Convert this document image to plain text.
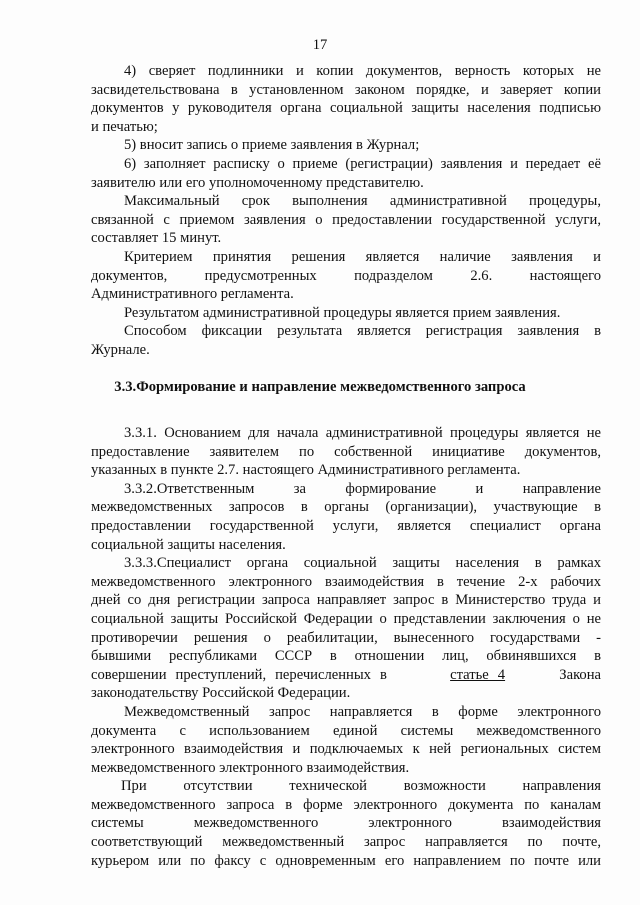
17
4) сверяет подлинники и копии документов, верность которых не
засвидетельствована в установленном законом порядке, и заверяет копии
документов у руководителя органа социальной защиты населения подписью
и печатью;
5) вносит запись о приеме заявления в Журнал;
6) заполняет расписку о приеме (регистрации) заявления и передает её
заявителю или его уполномоченному представителю.
Максимальный срок выполнения административной процедуры,
связанной с приемом заявления о предоставлении государственной услуги,
составляет 15 минут.
Критерием принятия решения является наличие заявления и
документов, предусмотренных подразделом 2.6. настоящего
Административного регламента.
Результатом административной процедуры является прием заявления.
Способом фиксации результата является регистрация заявления в
Журнале.
3.3.Формирование и направление межведомственного запроса
3.3.1. Основанием для начала административной процедуры является не
предоставление заявителем по собственной инициативе документов,
указанных в пункте 2.7. настоящего Административного регламента.
3.3.2.Ответственным за формирование и направление
межведомственных запросов в органы (организации), участвующие в
предоставлении государственной услуги, является специалист органа
социальной защиты населения.
3.3.3.Специалист органа социальной защиты населения в рамках
межведомственного электронного взаимодействия в течение 2-х рабочих
дней со дня регистрации запроса направляет запрос в Министерство труда и
социальной защиты Российской Федерации о представлении заключения о не
противоречии решения о реабилитации, вынесенного государствами -
бывшими республиками СССР в отношении лиц, обвинявшихся в
совершении преступлений, перечисленных в	статье 4	Закона
законодательству Российской Федерации.
Межведомственный запрос направляется в форме электронного
документа с использованием единой системы межведомственного
электронного взаимодействия и подключаемых к ней региональных систем
межведомственного электронного взаимодействия.
При отсутствии технической возможности направления
межведомственного запроса в форме электронного документа по каналам
системы межведомственного электронного взаимодействия
соответствующий межведомственный запрос направляется по почте,
курьером или по факсу с одновременным его направлением по почте или
